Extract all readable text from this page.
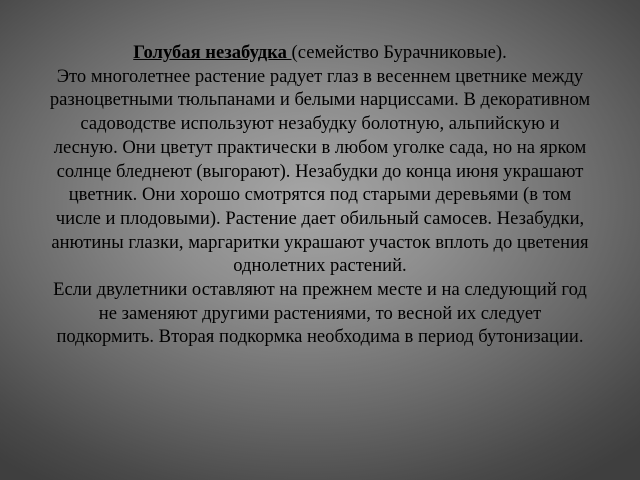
Голубая незабудка (семейство Бурачниковые).
Это многолетнее растение радует глаз в весеннем цветнике между
разноцветными тюльпанами и белыми нарциссами. В декоративном
садоводстве используют незабудку болотную, альпийскую и
лесную. Они цветут практически в любом уголке сада, но на ярком
солнце бледнеют (выгорают). Незабудки до конца июня украшают
цветник. Они хорошо смотрятся под старыми деревьями (в том
числе и плодовыми). Растение дает обильный самосев. Незабудки,
анютины глазки, маргаритки украшают участок вплоть до цветения
однолетних растений.
Если двулетники оставляют на прежнем месте и на следующий год
не заменяют другими растениями, то весной их следует
подкормить. Вторая подкормка необходима в период бутонизации.
